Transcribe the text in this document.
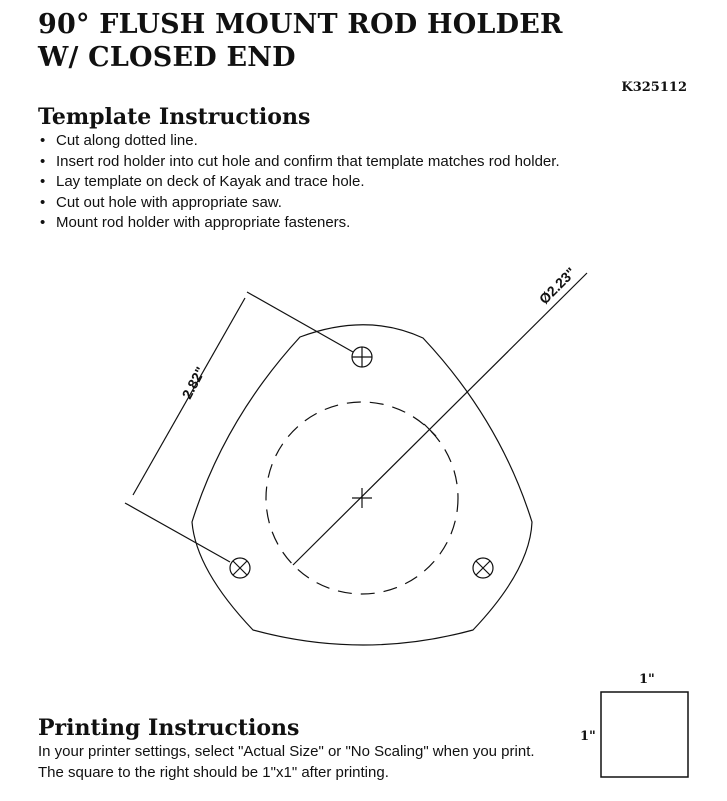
90° FLUSH MOUNT ROD HOLDER
W/ CLOSED END
K325112
Template Instructions
• Cut along dotted line.
• Insert rod holder into cut hole and confirm that template matches rod holder.
• Lay template on deck of Kayak and trace hole.
• Cut out hole with appropriate saw.
• Mount rod holder with appropriate fasteners.
2.82"
Ø2.23"
1"
1"
Printing Instructions

In your printer settings, select "Actual Size" or "No Scaling" when you print. The square to the right should be 1"x1" after printing.
